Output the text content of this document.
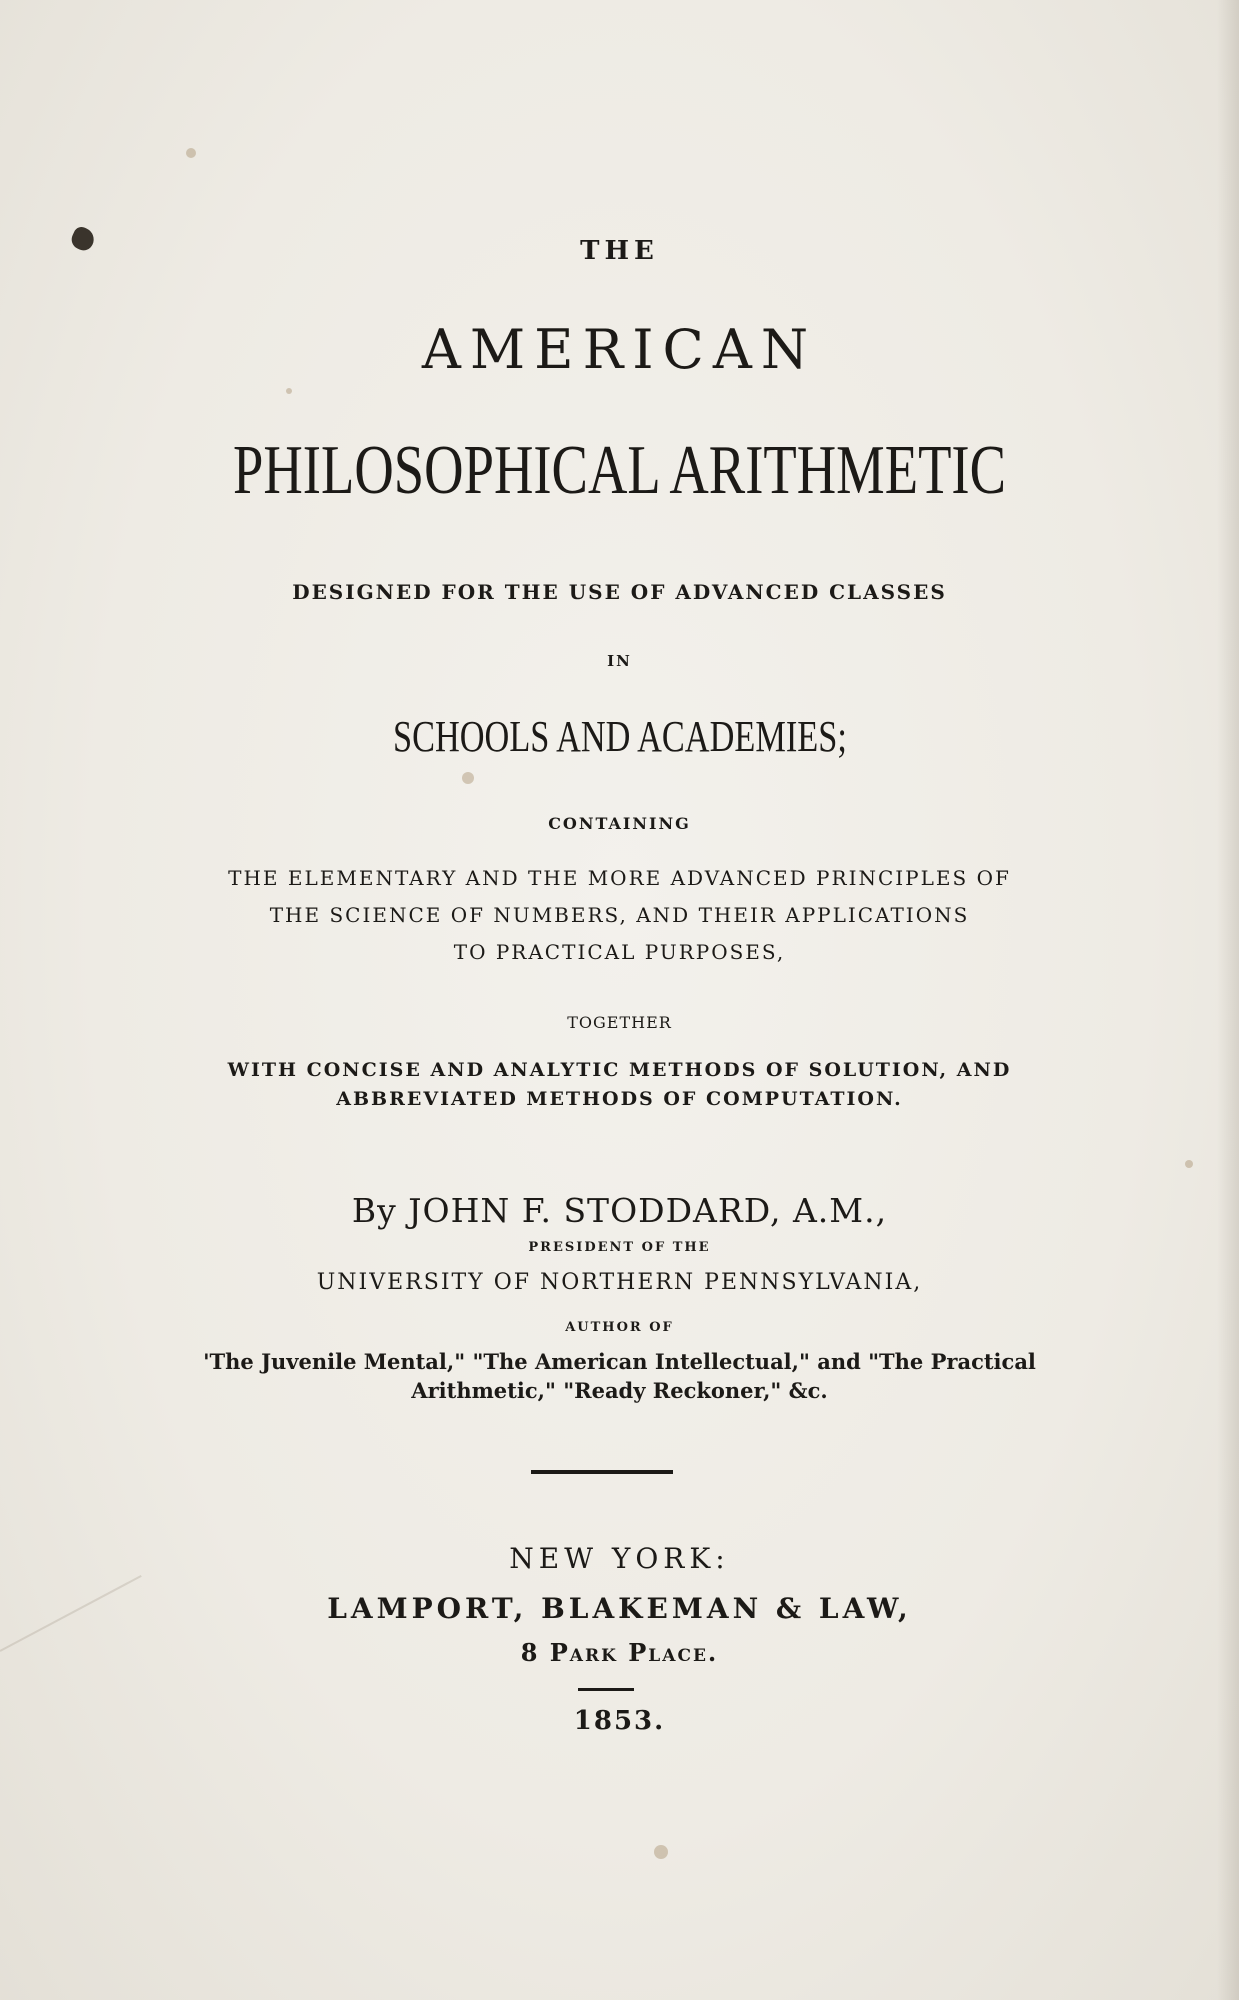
THE
AMERICAN
PHILOSOPHICAL ARITHMETIC
DESIGNED FOR THE USE OF ADVANCED CLASSES
IN
SCHOOLS AND ACADEMIES;
CONTAINING
THE ELEMENTARY AND THE MORE ADVANCED PRINCIPLES OF
THE SCIENCE OF NUMBERS, AND THEIR APPLICATIONS
TO PRACTICAL PURPOSES,
TOGETHER
WITH CONCISE AND ANALYTIC METHODS OF SOLUTION, AND
ABBREVIATED METHODS OF COMPUTATION.
By JOHN F. STODDARD, A.M.,
PRESIDENT OF THE
UNIVERSITY OF NORTHERN PENNSYLVANIA,
AUTHOR OF
'The Juvenile Mental," "The American Intellectual," and "The Practical
Arithmetic," "Ready Reckoner," &c.
NEW YORK:
LAMPORT, BLAKEMAN & LAW,
8 Park Place.
1853.
